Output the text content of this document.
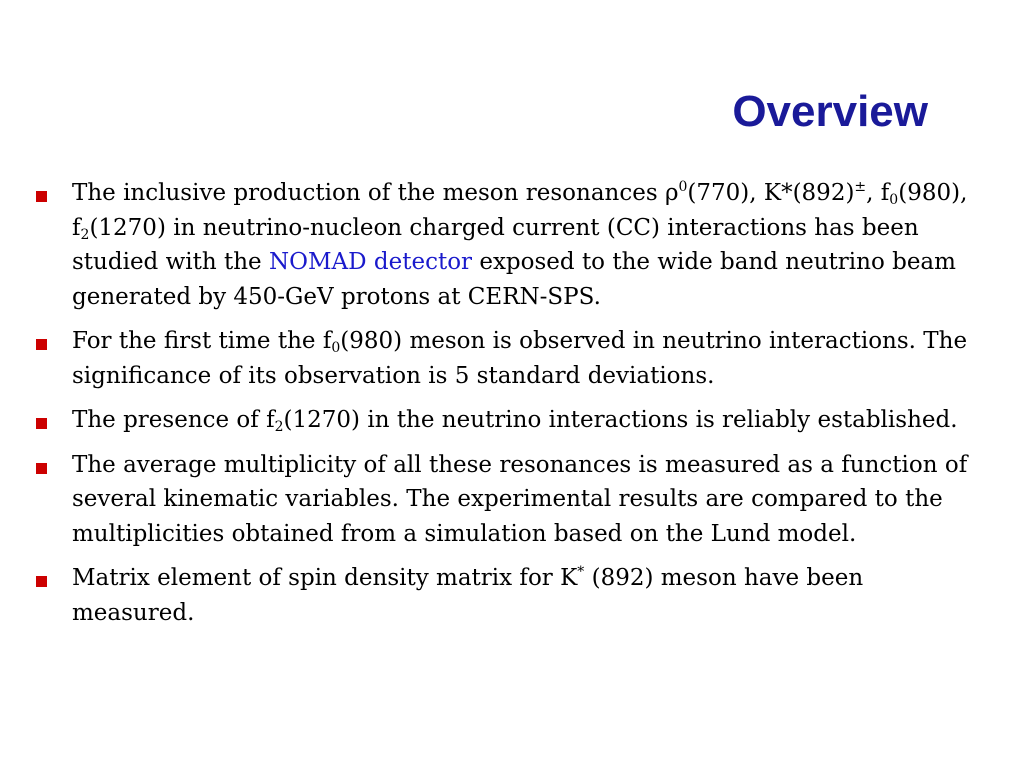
Overview
The inclusive production of the meson resonances $\rho^0(770)$, K*(892)±, $f_0(980)$, $f_2(1270)$ in neutrino-nucleon charged current (CC) interactions has been studied with the NOMAD detector exposed to the wide band neutrino beam generated by 450-GeV protons at CERN-SPS.
For the first time the $f_0(980)$ meson is observed in neutrino interactions. The significance of its observation is 5 standard deviations.
The presence of $f_2(1270)$ in the neutrino interactions is reliably established.
The average multiplicity of all these resonances is measured as a function of several kinematic variables. The experimental results are compared to the multiplicities obtained from a simulation based on the Lund model.
Matrix element of spin density matrix for K* (892) meson have been measured.
